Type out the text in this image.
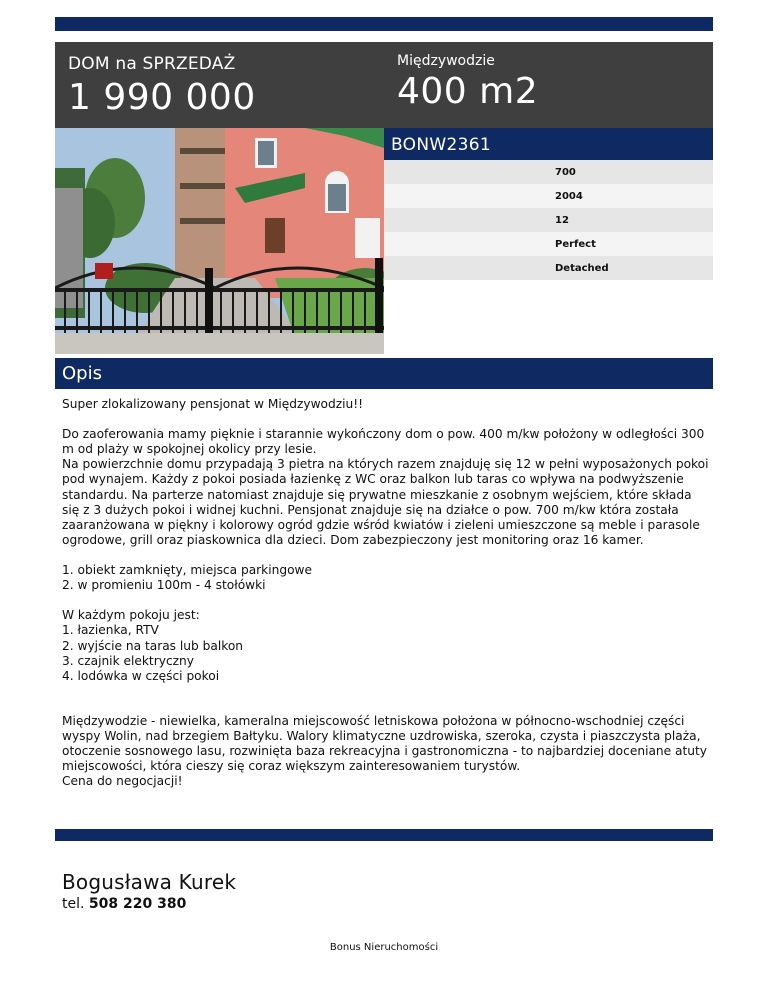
DOM na SPRZEDAŻ
1 990 000
Międzywodzie
400 m2
BONW2361
700
2004
12
Perfect
Detached
Opis

Super zlokalizowany pensjonat w Międzywodziu!!

Do zaoferowania mamy pięknie i starannie wykończony dom o pow. 400 m/kw położony w odległości 300 m od plaży w spokojnej okolicy przy lesie.
Na powierzchnie domu przypadają 3 pietra na których razem znajduję się 12 w pełni wyposażonych pokoi pod wynajem. Każdy z pokoi posiada łazienkę z WC oraz balkon lub taras co wpływa na podwyższenie standardu. Na parterze natomiast znajduje się prywatne mieszkanie z osobnym wejściem, które składa się z 3 dużych pokoi i widnej kuchni. Pensjonat znajduje się na działce o pow. 700 m/kw która została zaaranżowana w piękny i kolorowy ogród gdzie wśród kwiatów i zieleni umieszczone są meble i parasole ogrodowe, grill oraz piaskownica dla dzieci. Dom zabezpieczony jest monitoring oraz 16 kamer.

1. obiekt zamknięty, miejsca parkingowe
2. w promieniu 100m - 4 stołówki

W każdym pokoju jest:
1. łazienka, RTV
2. wyjście na taras lub balkon
3. czajnik elektryczny
4. lodówka w części pokoi

Międzywodzie - niewielka, kameralna miejscowość letniskowa położona w północno-wschodniej części wyspy Wolin, nad brzegiem Bałtyku. Walory klimatyczne uzdrowiska, szeroka, czysta i piaszczysta plaża, otoczenie sosnowego lasu, rozwinięta baza rekreacyjna i gastronomiczna - to najbardziej doceniane atuty miejscowości, która cieszy się coraz większym zainteresowaniem turystów.
Cena do negocjacji!

Bogusława Kurek
tel. 508 220 380
Bonus Nieruchomości
